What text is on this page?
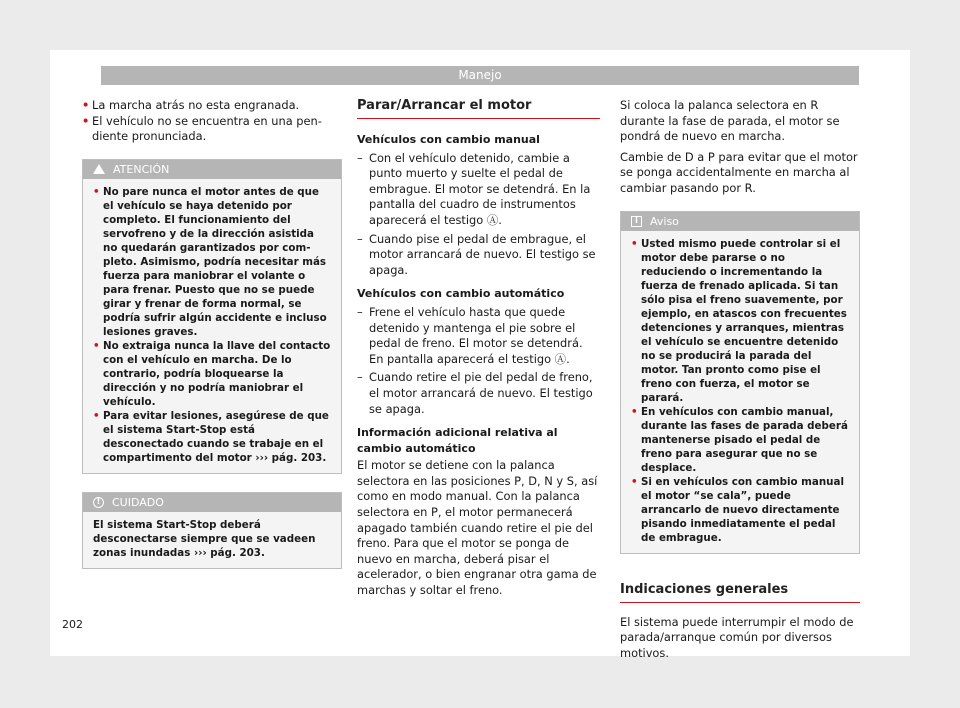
Manejo
• La marcha atrás no esta engranada.
• El vehículo no se encuentra en una pendiente pronunciada.
ATENCIÓN
• No pare nunca el motor antes de que el vehículo se haya detenido por completo. El funcionamiento del servofreno y de la dirección asistida no quedarán garantizados por completo. Asimismo, podría necesitar más fuerza para maniobrar el volante o para frenar. Puesto que no se puede girar y frenar de forma normal, se podría sufrir algún accidente e incluso lesiones graves.
• No extraiga nunca la llave del contacto con el vehículo en marcha. De lo contrario, podría bloquearse la dirección y no podría maniobrar el vehículo.
• Para evitar lesiones, asegúrese de que el sistema Start-Stop está desconectado cuando se trabaje en el compartimento del motor ››› pág. 203.
!	CUIDADO
El sistema Start-Stop deberá desconectarse siempre que se vadeen zonas inundadas ››› pág. 203.
Parar/Arrancar el motor
Vehículos con cambio manual
– Con el vehículo detenido, cambie a punto muerto y suelte el pedal de embrague. El motor se detendrá. En la pantalla del cuadro de instrumentos aparecerá el testigo Ⓐ.
– Cuando pise el pedal de embrague, el motor arrancará de nuevo. El testigo se apaga.
Vehículos con cambio automático
– Frene el vehículo hasta que quede detenido y mantenga el pie sobre el pedal de freno. El motor se detendrá. En pantalla aparecerá el testigo Ⓐ.
– Cuando retire el pie del pedal de freno, el motor arrancará de nuevo. El testigo se apaga.
Información adicional relativa al cambio automático
El motor se detiene con la palanca selectora en las posiciones P, D, N y S, así como en modo manual. Con la palanca selectora en P, el motor permanecerá apagado también cuando retire el pie del freno. Para que el motor se ponga de nuevo en marcha, deberá pisar el acelerador, o bien engranar otra gama de marchas y soltar el freno.
Si coloca la palanca selectora en R durante la fase de parada, el motor se pondrá de nuevo en marcha.
Cambie de D a P para evitar que el motor se ponga accidentalmente en marcha al cambiar pasando por R.
i	Aviso
• Usted mismo puede controlar si el motor debe pararse o no reduciendo o incrementando la fuerza de frenado aplicada. Si tan sólo pisa el freno suavemente, por ejemplo, en atascos con frecuentes detenciones y arranques, mientras el vehículo se encuentre detenido no se producirá la parada del motor. Tan pronto como pise el freno con fuerza, el motor se parará.
• En vehículos con cambio manual, durante las fases de parada deberá mantenerse pisado el pedal de freno para asegurar que no se desplace.
• Si en vehículos con cambio manual el motor “se cala”, puede arrancarlo de nuevo directamente pisando inmediatamente el pedal de embrague.
Indicaciones generales
El sistema puede interrumpir el modo de parada/arranque común por diversos motivos.
202
